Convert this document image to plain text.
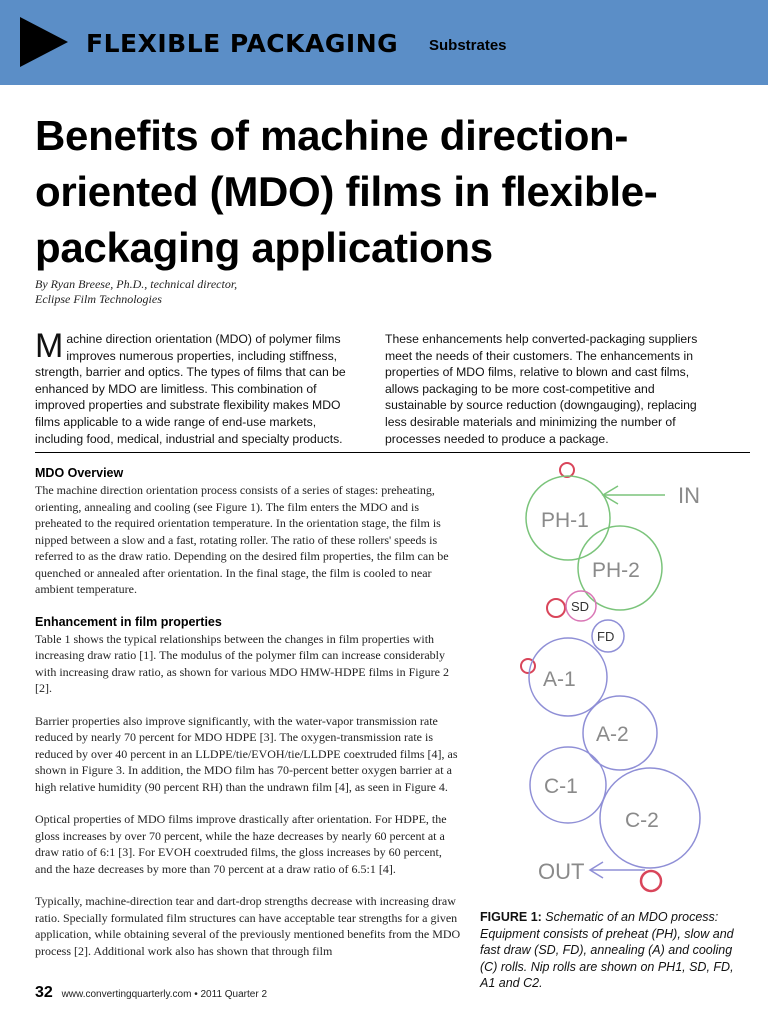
FLEXIBLE PACKAGING Substrates
Benefits of machine direction-oriented (MDO) films in flexible-packaging applications
By Ryan Breese, Ph.D., technical director,
Eclipse Film Technologies

Machine direction orientation (MDO) of polymer films improves numerous properties, including stiffness, strength, barrier and optics. The types of films that can be enhanced by MDO are limitless. This combination of improved properties and substrate flexibility makes MDO films applicable to a wide range of end-use markets, including food, medical, industrial and specialty products.

These enhancements help converted-packaging suppliers meet the needs of their customers. The enhancements in properties of MDO films, relative to blown and cast films, allows packaging to be more cost-competitive and sustainable by source reduction (downgauging), replacing less desirable materials and minimizing the number of processes needed to produce a package.

MDO Overview

The machine direction orientation process consists of a series of stages: preheating, orienting, annealing and cooling (see Figure 1). The film enters the MDO and is preheated to the required orientation temperature. In the orientation stage, the film is nipped between a slow and a fast, rotating roller. The ratio of these rollers' speeds is referred to as the draw ratio. Depending on the desired film properties, the film can be quenched or annealed after orientation. In the final stage, the film is cooled to near ambient temperature.

Enhancement in film properties

Table 1 shows the typical relationships between the changes in film properties with increasing draw ratio [1]. The modulus of the polymer film can increase considerably with increasing draw ratio, as shown for various MDO HMW-HDPE films in Figure 2 [2].

Barrier properties also improve significantly, with the water-vapor transmission rate reduced by nearly 70 percent for MDO HDPE [3]. The oxygen-transmission rate is reduced by over 40 percent in an LLDPE/tie/EVOH/tie/LLDPE coextruded films [4], as shown in Figure 3. In addition, the MDO film has 70-percent better oxygen barrier at a high relative humidity (90 percent RH) than the undrawn film [4], as seen in Figure 4.

Optical properties of MDO films improve drastically after orientation. For HDPE, the gloss increases by over 70 percent, while the haze decreases by nearly 60 percent at a draw ratio of 6:1 [3]. For EVOH coextruded films, the gloss increases by 60 percent, and the haze decreases by more than 70 percent at a draw ratio of 6.5:1 [4].

Typically, machine-direction tear and dart-drop strengths decrease with increasing draw ratio. Specially formulated film structures can have acceptable tear strengths for a given application, while obtaining several of the previously mentioned benefits from the MDO process [2]. Additional work also has shown that through film

IN
PH-1
PH-2
SD
FD
A-1
A-2
C-1
C-2
OUT

FIGURE 1: Schematic of an MDO process: Equipment consists of preheat (PH), slow and fast draw (SD, FD), annealing (A) and cooling (C) rolls. Nip rolls are shown on PH1, SD, FD, A1 and C2.

32 www.convertingquarterly.com • 2011 Quarter 2
